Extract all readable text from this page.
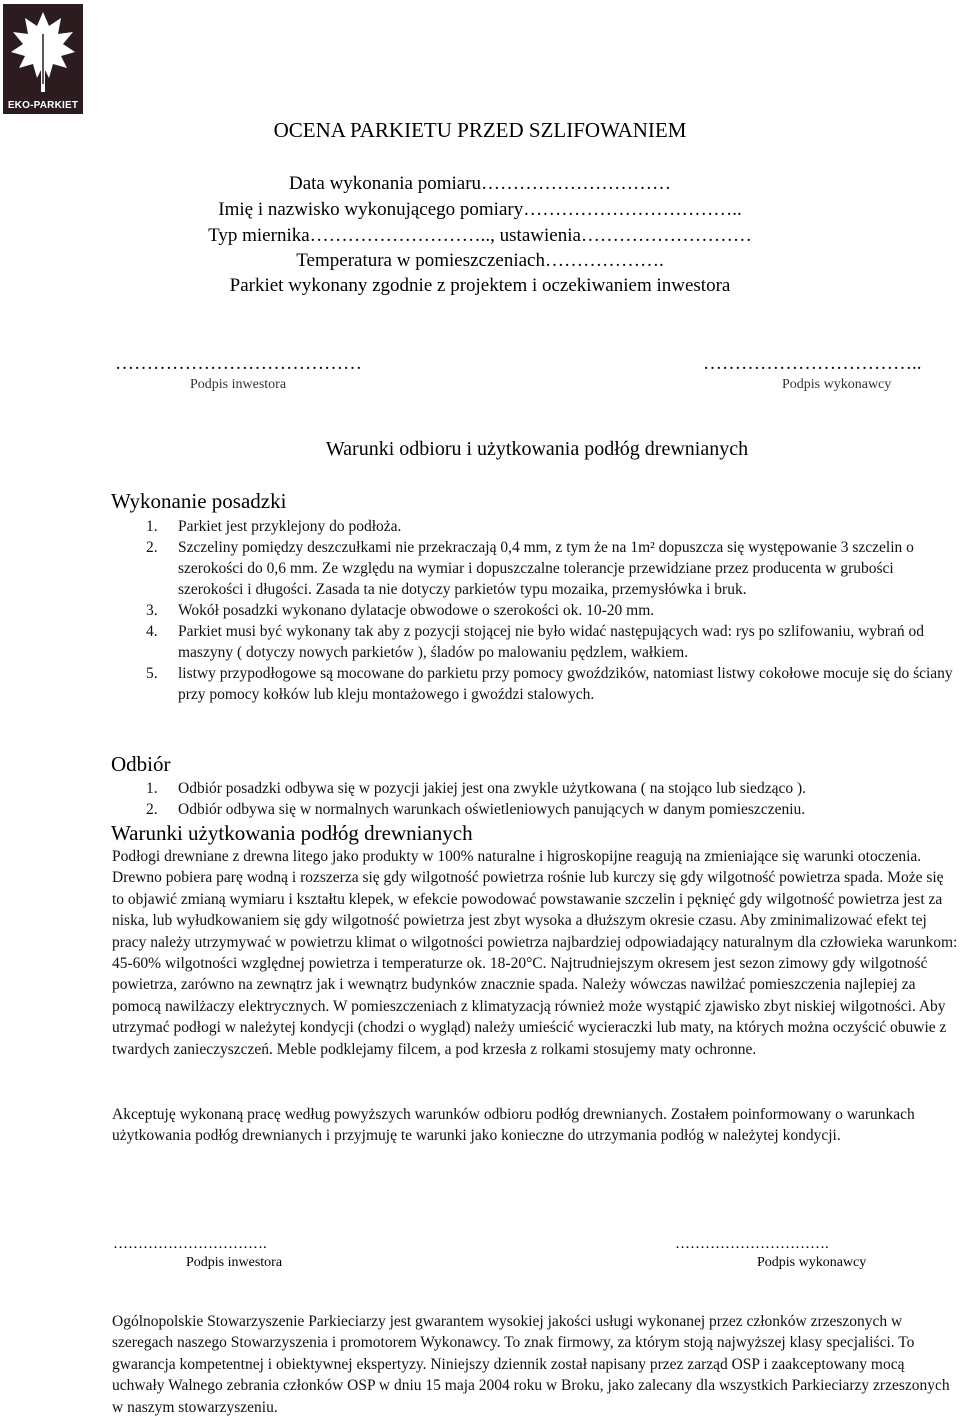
EKO-PARKIET
OCENA PARKIETU PRZED SZLIFOWANIEM
Data wykonania pomiaru…………………………
Imię i nazwisko wykonującego pomiary……………………………..
Typ miernika……………………….., ustawienia………………………
Temperatura w pomieszczeniach……………….
Parkiet wykonany zgodnie z projektem i oczekiwaniem inwestora
…………………………………
Podpis inwestora
……………………………..
Podpis wykonawcy
Warunki odbioru i użytkowania podłóg drewnianych
Wykonanie posadzki
1. Parkiet jest przyklejony do podłoża.
2. Szczeliny pomiędzy deszczułkami nie przekraczają 0,4 mm, z tym że na 1m² dopuszcza się występowanie 3 szczelin o szerokości do 0,6 mm. Ze względu na wymiar i dopuszczalne tolerancje przewidziane przez producenta w grubości szerokości i długości. Zasada ta nie dotyczy parkietów typu mozaika, przemysłówka i bruk.
3. Wokół posadzki wykonano dylatacje obwodowe o szerokości ok. 10-20 mm.
4. Parkiet musi być wykonany tak aby z pozycji stojącej nie było widać następujących wad: rys po szlifowaniu, wybrań od maszyny ( dotyczy nowych parkietów ), śladów po malowaniu pędzlem, wałkiem.
5. listwy przypodłogowe są mocowane do parkietu przy pomocy gwoździków, natomiast listwy cokołowe mocuje się do ściany przy pomocy kołków lub kleju montażowego i gwoździ stalowych.
Odbiór
1. Odbiór posadzki odbywa się w pozycji jakiej jest ona zwykle użytkowana ( na stojąco lub siedząco ).
2. Odbiór odbywa się w normalnych warunkach oświetleniowych panujących w danym pomieszczeniu.
Warunki użytkowania podłóg drewnianych
Podłogi drewniane z drewna litego jako produkty w 100% naturalne i higroskopijne reagują na zmieniające się warunki otoczenia. Drewno pobiera parę wodną i rozszerza się gdy wilgotność powietrza rośnie lub kurczy się gdy wilgotność powietrza spada. Może się to objawić zmianą wymiaru i kształtu klepek, w efekcie powodować powstawanie szczelin i pęknięć gdy wilgotność powietrza jest za niska, lub wyłudkowaniem się gdy wilgotność powietrza jest zbyt wysoka a dłuższym okresie czasu. Aby zminimalizować efekt tej pracy należy utrzymywać w powietrzu klimat o wilgotności powietrza najbardziej odpowiadający naturalnym dla człowieka warunkom: 45-60% wilgotności względnej powietrza i temperaturze ok. 18-20°C. Najtrudniejszym okresem jest sezon zimowy gdy wilgotność powietrza, zarówno na zewnątrz jak i wewnątrz budynków znacznie spada. Należy wówczas nawilżać pomieszczenia najlepiej za pomocą nawilżaczy elektrycznych. W pomieszczeniach z klimatyzacją również może wystąpić zjawisko zbyt niskiej wilgotności. Aby utrzymać podłogi w należytej kondycji (chodzi o wygląd) należy umieścić wycieraczki lub maty, na których można oczyścić obuwie z twardych zanieczyszczeń. Meble podklejamy filcem, a pod krzesła z rolkami stosujemy maty ochronne.
Akceptuję wykonaną pracę według powyższych warunków odbioru podłóg drewnianych. Zostałem poinformowany o warunkach użytkowania podłóg drewnianych i przyjmuję te warunki jako konieczne do utrzymania podłóg w należytej kondycji.
………………………….
Podpis inwestora
………………………….
Podpis wykonawcy
Ogólnopolskie Stowarzyszenie Parkieciarzy jest gwarantem wysokiej jakości usługi wykonanej przez członków zrzeszonych w szeregach naszego Stowarzyszenia i promotorem Wykonawcy. To znak firmowy, za którym stoją najwyższej klasy specjaliści. To gwarancja kompetentnej i obiektywnej ekspertyzy. Niniejszy dziennik został napisany przez zarząd OSP i zaakceptowany mocą uchwały Walnego zebrania członków OSP w dniu 15 maja 2004 roku w Broku, jako zalecany dla wszystkich Parkieciarzy zrzeszonych w naszym stowarzyszeniu.
